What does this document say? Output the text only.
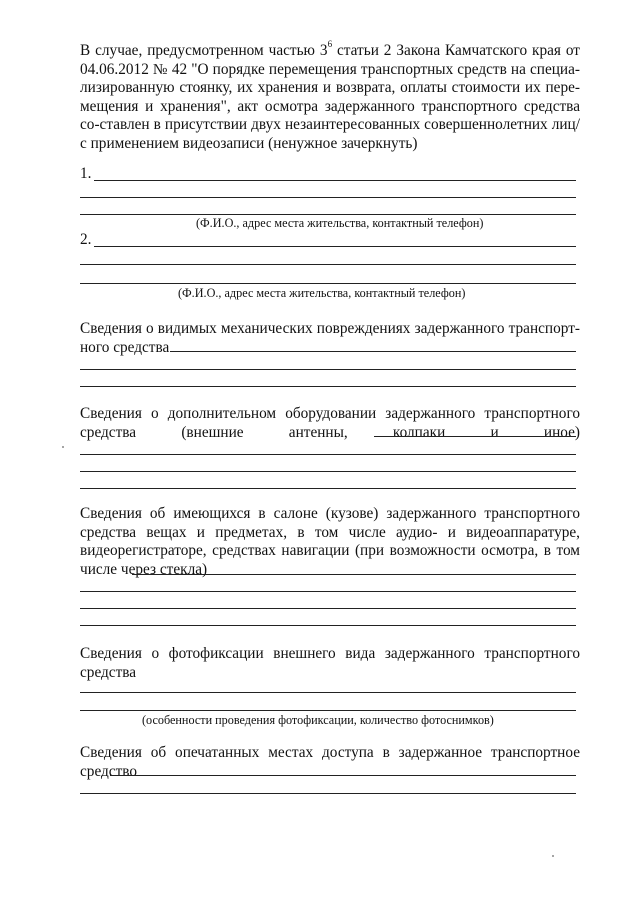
В случае, предусмотренном частью $3^6$ статьи 2 Закона Камчатского края от 04.06.2012 № 42 "О порядке перемещения транспортных средств на специа-лизированную стоянку, их хранения и возврата, оплаты стоимости их пере-мещения и хранения", акт осмотра задержанного транспортного средства со-ставлен в присутствии двух незаинтересованных совершеннолетних лиц/с применением видеозаписи (ненужное зачеркнуть)

1.

(Ф.И.О., адрес места жительства, контактный телефон)

2.

(Ф.И.О., адрес места жительства, контактный телефон)

Сведения о видимых механических повреждениях задержанного транспорт-ного средства

Сведения о дополнительном оборудовании задержанного транспортного средства (внешние антенны, колпаки и иное)

Сведения об имеющихся в салоне (кузове) задержанного транспортного средства вещах и предметах, в том числе аудио- и видеоаппаратуре, видеорегистраторе, средствах навигации (при возможности осмотра, в том числе через стекла)

Сведения о фотофиксации внешнего вида задержанного транспортного средства

(особенности проведения фотофиксации, количество фотоснимков)

Сведения об опечатанных местах доступа в задержанное транспортное средство
